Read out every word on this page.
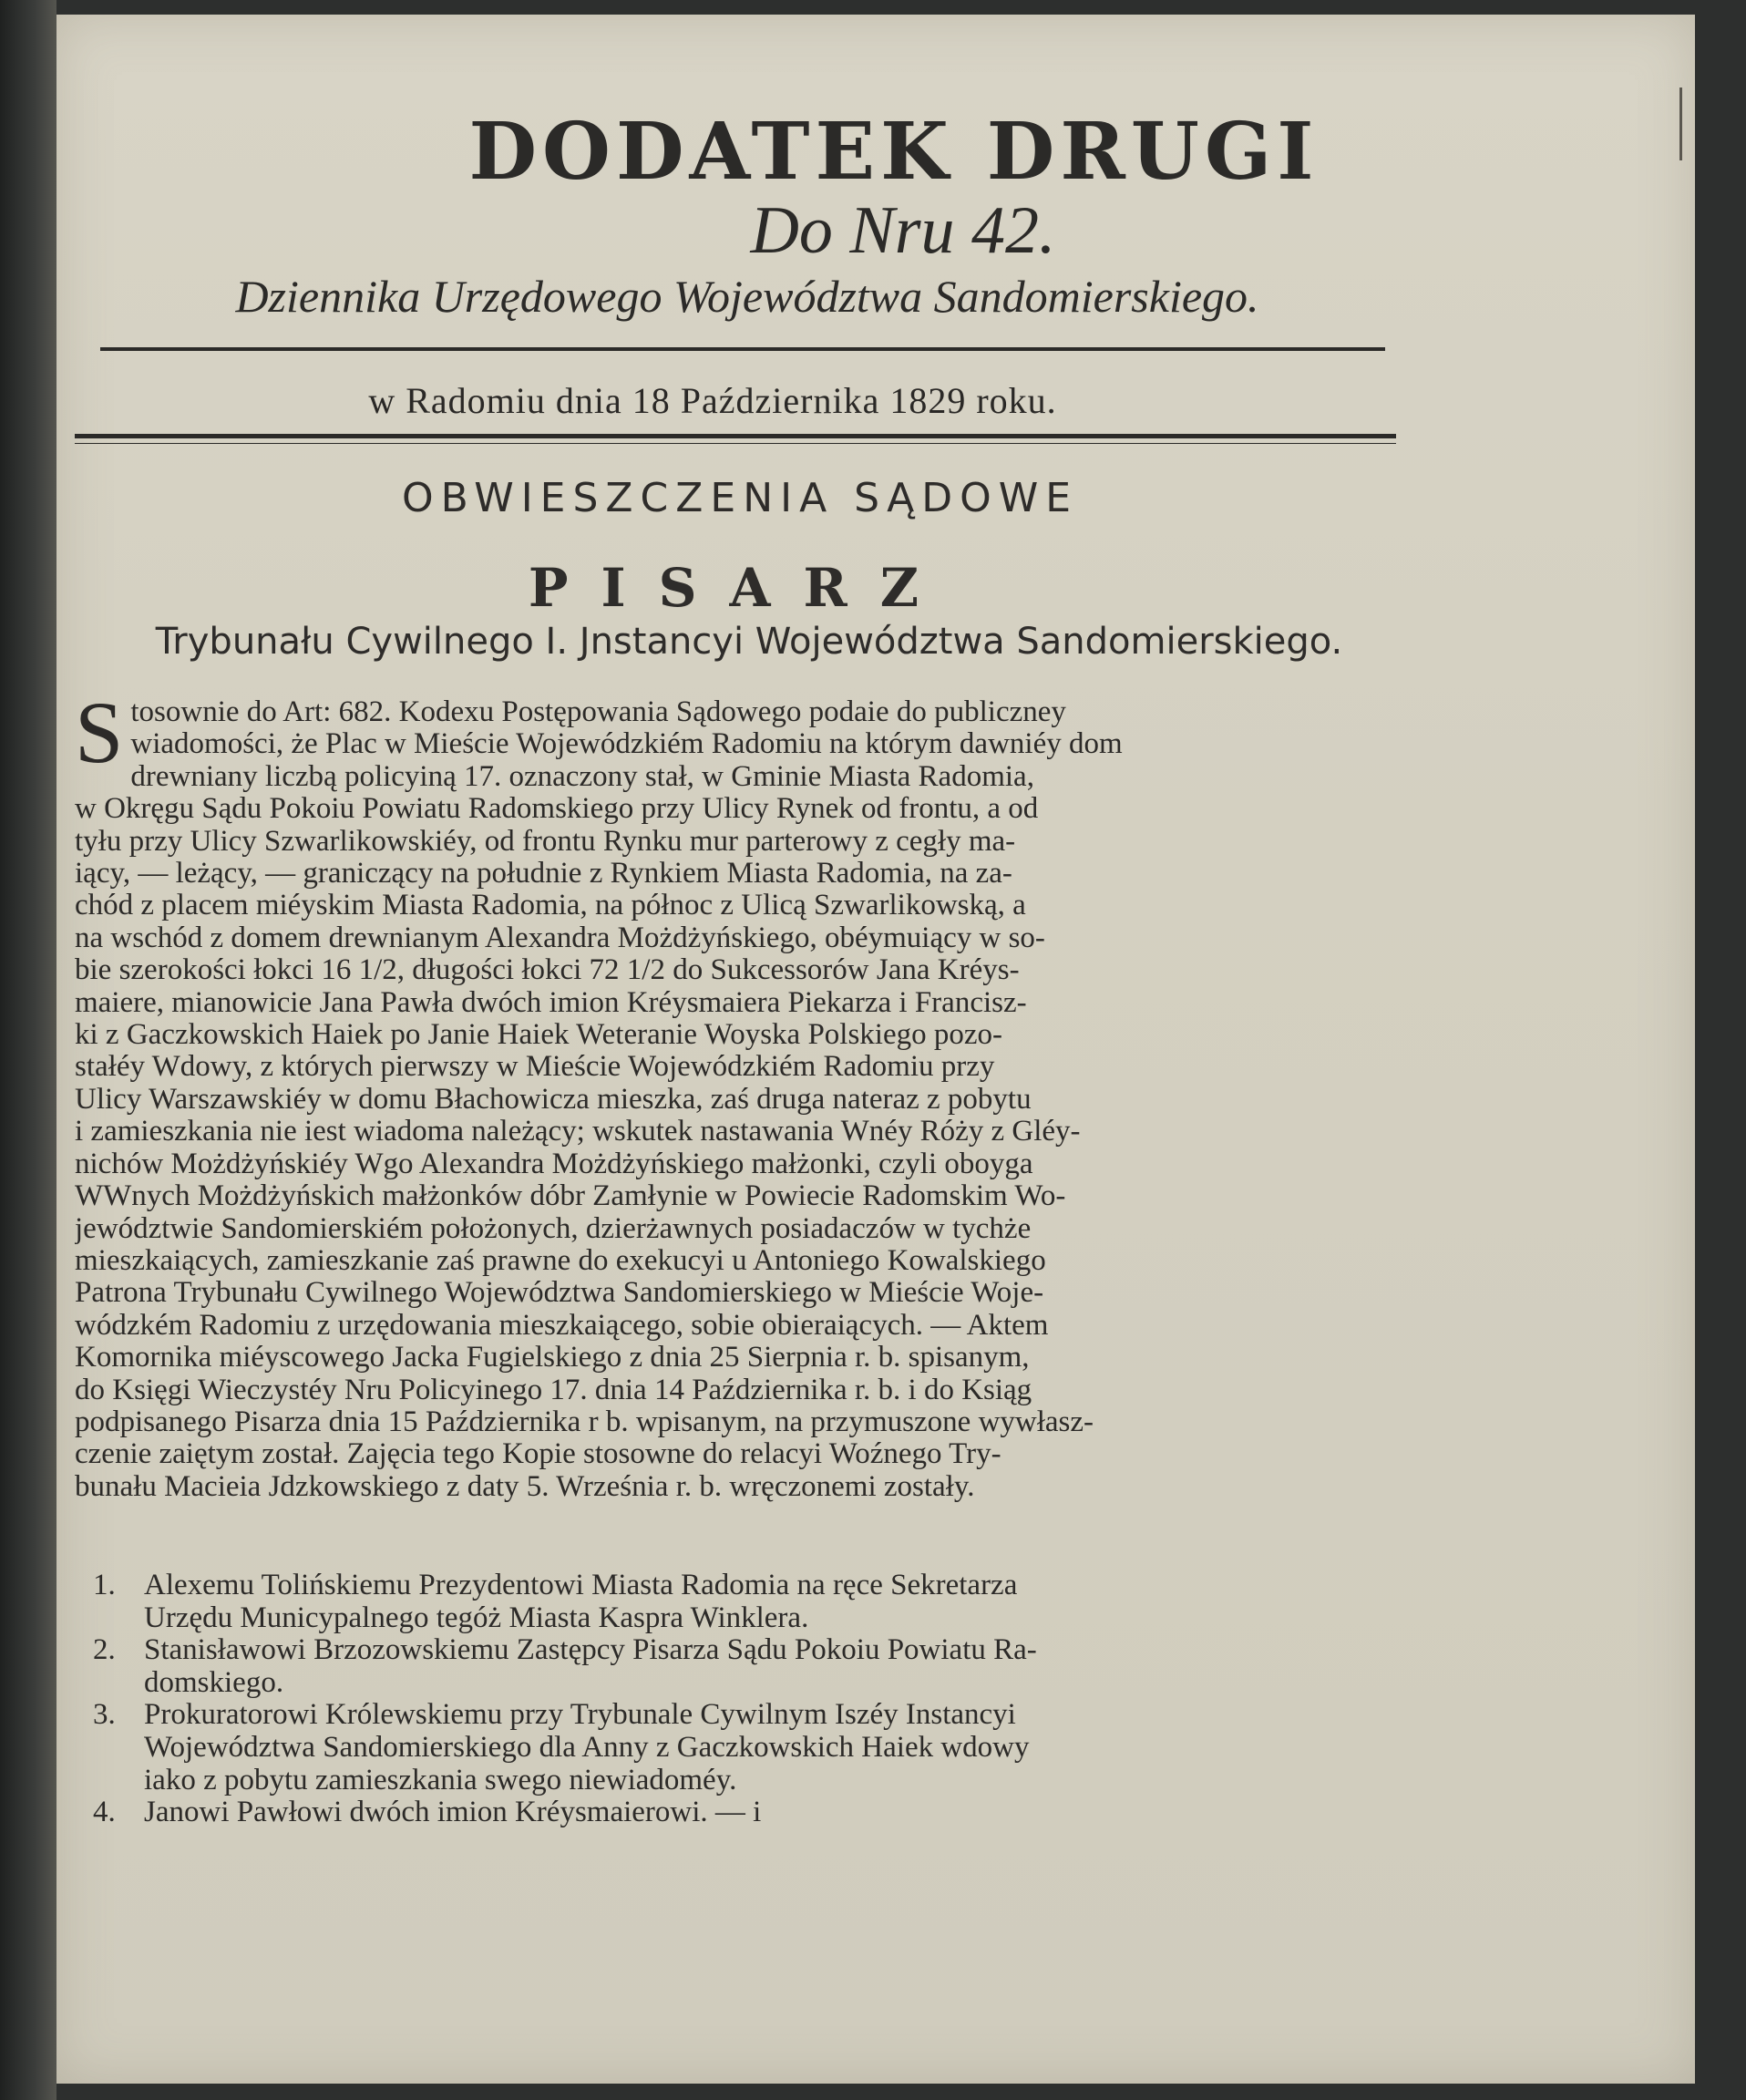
DODATEK DRUGI
Do Nru 42.
Dziennika Urzędowego Województwa Sandomierskiego.
w Radomiu dnia 18 Października 1829 roku.
OBWIESZCZENIA SĄDOWE
PISARZ
Trybunału Cywilnego I. Jnstancyi Województwa Sandomierskiego.
S tosownie do Art: 682. Kodexu Postępowania Sądowego podaie do publiczney
wiadomości, że Plac w Mieście Wojewódzkiém Radomiu na którym dawniéy dom
drewniany liczbą policyiną 17. oznaczony stał, w Gminie Miasta Radomia,
w Okręgu Sądu Pokoiu Powiatu Radomskiego przy Ulicy Rynek od frontu, a od
tyłu przy Ulicy Szwarlikowskiéy, od frontu Rynku mur parterowy z cegły ma-
iący, — leżący, — graniczący na południe z Rynkiem Miasta Radomia, na za-
chód z placem miéyskim Miasta Radomia, na północ z Ulicą Szwarlikowską, a
na wschód z domem drewnianym Alexandra Możdżyńskiego, obéymuiący w so-
bie szerokości łokci 16 1/2, długości łokci 72 1/2 do Sukcessorów Jana Kréys-
maiere, mianowicie Jana Pawła dwóch imion Kréysmaiera Piekarza i Francisz-
ki z Gaczkowskich Haiek po Janie Haiek Weteranie Woyska Polskiego pozo-
stałéy Wdowy, z których pierwszy w Mieście Wojewódzkiém Radomiu przy
Ulicy Warszawskiéy w domu Błachowicza mieszka, zaś druga nateraz z pobytu
i zamieszkania nie iest wiadoma należący; wskutek nastawania Wnéy Róży z Gléy-
nichów Możdżyńskiéy Wgo Alexandra Możdżyńskiego małżonki, czyli oboyga
WWnych Możdżyńskich małżonków dóbr Zamłynie w Powiecie Radomskim Wo-
jewództwie Sandomierskiém położonych, dzierżawnych posiadaczów w tychże
mieszkaiących, zamieszkanie zaś prawne do exekucyi u Antoniego Kowalskiego
Patrona Trybunału Cywilnego Województwa Sandomierskiego w Mieście Woje-
wódzkém Radomiu z urzędowania mieszkaiącego, sobie obieraiących. — Aktem
Komornika miéyscowego Jacka Fugielskiego z dnia 25 Sierpnia r. b. spisanym,
do Księgi Wieczystéy Nru Policyinego 17. dnia 14 Października r. b. i do Ksiąg
podpisanego Pisarza dnia 15 Października r b. wpisanym, na przymuszone wywłasz-
czenie zaiętym został. Zajęcia tego Kopie stosowne do relacyi Woźnego Try-
bunału Macieia Jdzkowskiego z daty 5. Września r. b. wręczonemi zostały.
1. Alexemu Tolińskiemu Prezydentowi Miasta Radomia na ręce Sekretarza
Urzędu Municypalnego tegóż Miasta Kaspra Winklera.
2. Stanisławowi Brzozowskiemu Zastępcy Pisarza Sądu Pokoiu Powiatu Ra-
domskiego.
3. Prokuratorowi Królewskiemu przy Trybunale Cywilnym Iszéy Instancyi
Województwa Sandomierskiego dla Anny z Gaczkowskich Haiek wdowy
iako z pobytu zamieszkania swego niewiadoméy.
4. Janowi Pawłowi dwóch imion Kréysmaierowi. — i
